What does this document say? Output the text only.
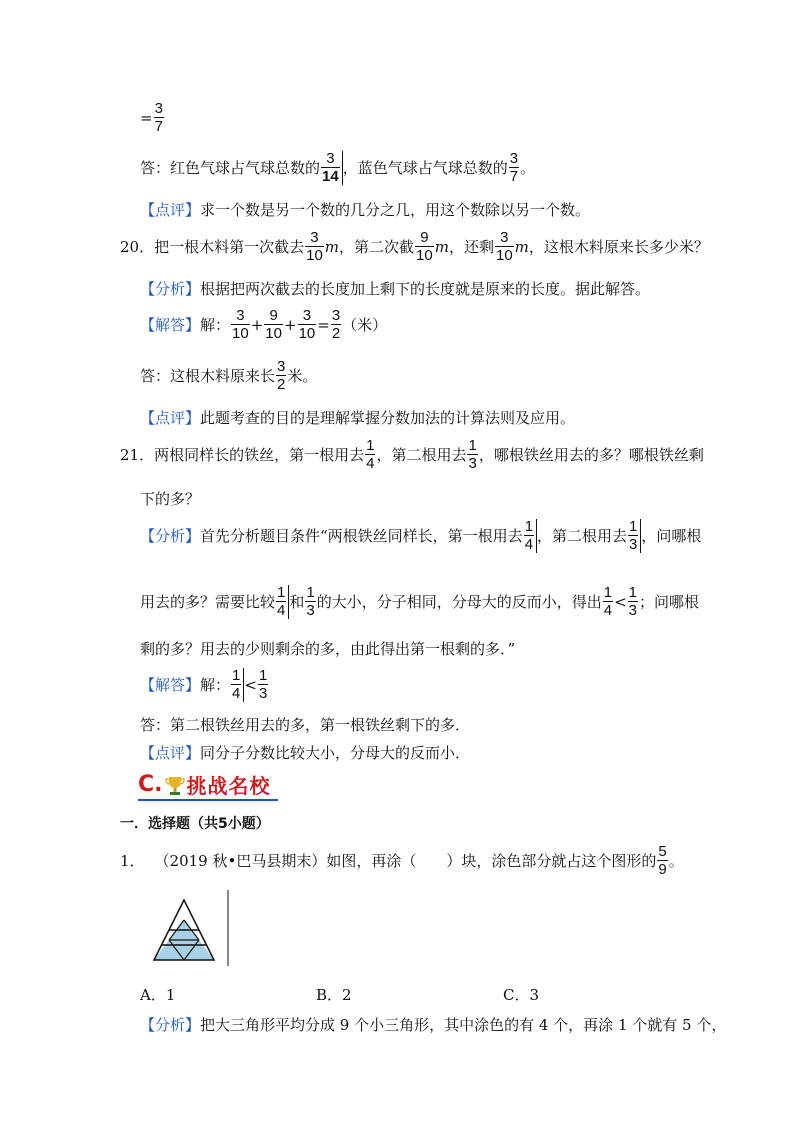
= $\frac{3}{7}$
答：红色气球占气球总数的 $\frac{3}{14}$ ，蓝色气球占气球总数的 $\frac{3}{7}$ 。
【点评】 求一个数是另一个数的几分之几，用这个数除以另一个数。
20． 把一根木料第一次截去 $\frac{3}{10}$ m ，第二次截 $\frac{9}{10}$ m ，还剩 $\frac{3}{10}$ m ，这根木料原来长多少米？
【分析】 根据把两次截去的长度加上剩下的长度就是原来的长度。据此解答。
【解答】 解： $\frac{3}{10} + \frac{9}{10} + \frac{3}{10} = \frac{3}{2}$ （米）
答：这根木料原来长 $\frac{3}{2}$ 米。
【点评】 此题考查的目的是理解掌握分数加法的计算法则及应用。
21． 两根同样长的铁丝，第一根用去 $\frac{1}{4}$ ，第二根用去 $\frac{1}{3}$ ，哪根铁丝用去的多？哪根铁丝剩
下的多？
【分析】 首先分析题目条件“两根铁丝同样长，第一根用去 $\frac{1}{4}$ ，第二根用去 $\frac{1}{3}$ ，问哪根
用去的多？需要比较 $\frac{1}{4}$ 和 $\frac{1}{3}$ 的大小，分子相同，分母大的反而小，得出 $\frac{1}{4} < \frac{1}{3}$ ；问哪根
剩的多？用去的少则剩余的多，由此得出第一根剩的多．”
【解答】 解： $\frac{1}{4} < \frac{1}{3}$
答：第二根铁丝用去的多，第一根铁丝剩下的多．
【点评】 同分子分数比较大小，分母大的反而小．
C. 挑战名校
一．选择题（共5小题）
1． （2019 秋•巴马县期末）如图，再涂（　　）块，涂色部分就占这个图形的 $\frac{5}{9}$ 。
A．1	B．2	C．3
【分析】 把大三角形平均分成 9 个小三角形，其中涂色的有 4 个，再涂 1 个就有 5 个，
